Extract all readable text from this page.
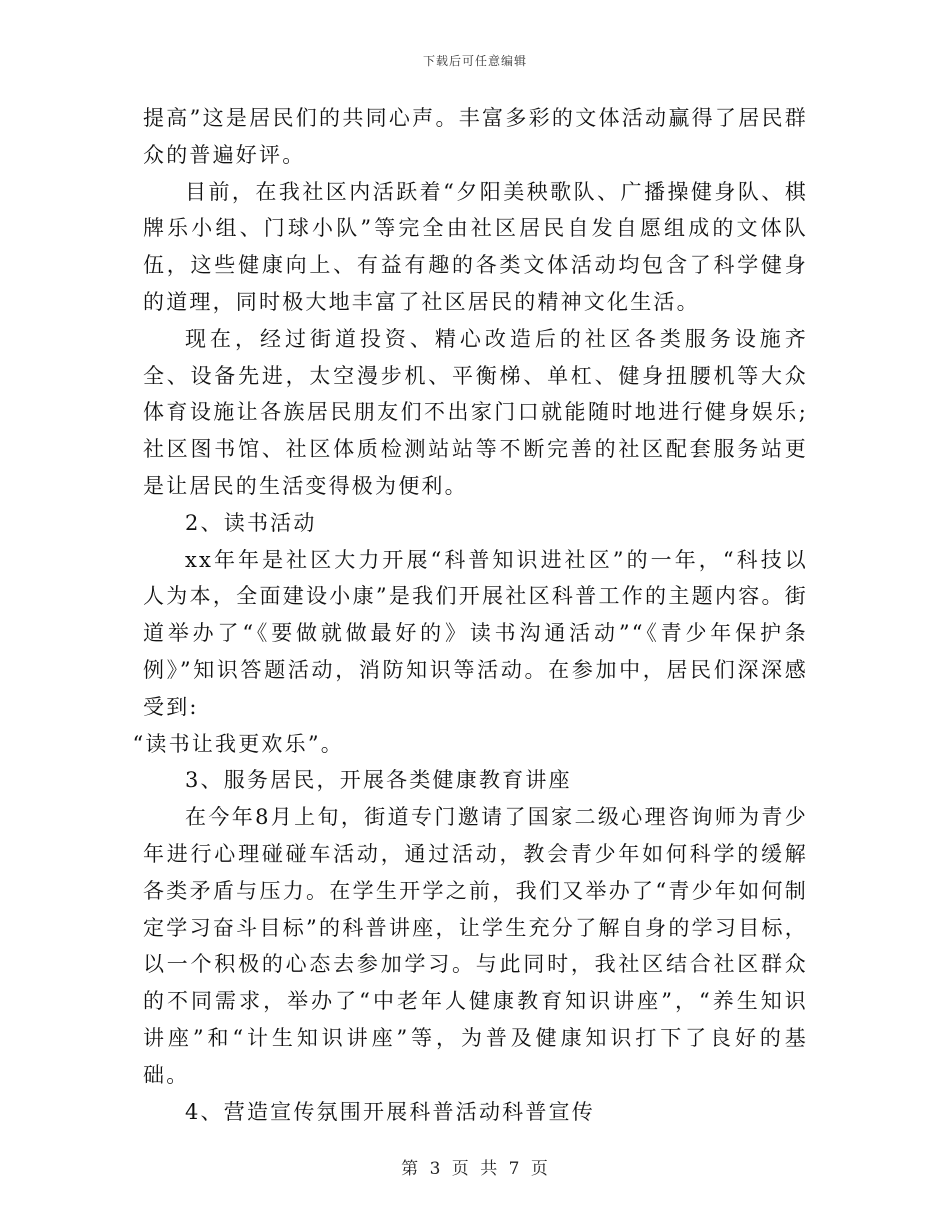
下载后可任意编辑

提高”这是居民们的共同心声。丰富多彩的文体活动赢得了居民群众的普遍好评。

目前，在我社区内活跃着“夕阳美秧歌队、广播操健身队、棋牌乐小组、门球小队”等完全由社区居民自发自愿组成的文体队伍，这些健康向上、有益有趣的各类文体活动均包含了科学健身的道理，同时极大地丰富了社区居民的精神文化生活。

现在，经过街道投资、精心改造后的社区各类服务设施齐全、设备先进，太空漫步机、平衡梯、单杠、健身扭腰机等大众体育设施让各族居民朋友们不出家门口就能随时地进行健身娱乐;社区图书馆、社区体质检测站站等不断完善的社区配套服务站更是让居民的生活变得极为便利。

2、读书活动

xx年年是社区大力开展“科普知识进社区”的一年，“科技以人为本，全面建设小康”是我们开展社区科普工作的主题内容。街道举办了“《要做就做最好的》读书沟通活动”“《青少年保护条例》”知识答题活动，消防知识等活动。在参加中，居民们深深感受到:

“读书让我更欢乐”。

3、服务居民，开展各类健康教育讲座

在今年8月上旬，街道专门邀请了国家二级心理咨询师为青少年进行心理碰碰车活动，通过活动，教会青少年如何科学的缓解各类矛盾与压力。在学生开学之前，我们又举办了“青少年如何制定学习奋斗目标”的科普讲座，让学生充分了解自身的学习目标，以一个积极的心态去参加学习。与此同时，我社区结合社区群众的不同需求，举办了“中老年人健康教育知识讲座”，“养生知识讲座”和“计生知识讲座”等，为普及健康知识打下了良好的基础。

4、营造宣传氛围开展科普活动科普宣传

第 3 页 共 7 页
